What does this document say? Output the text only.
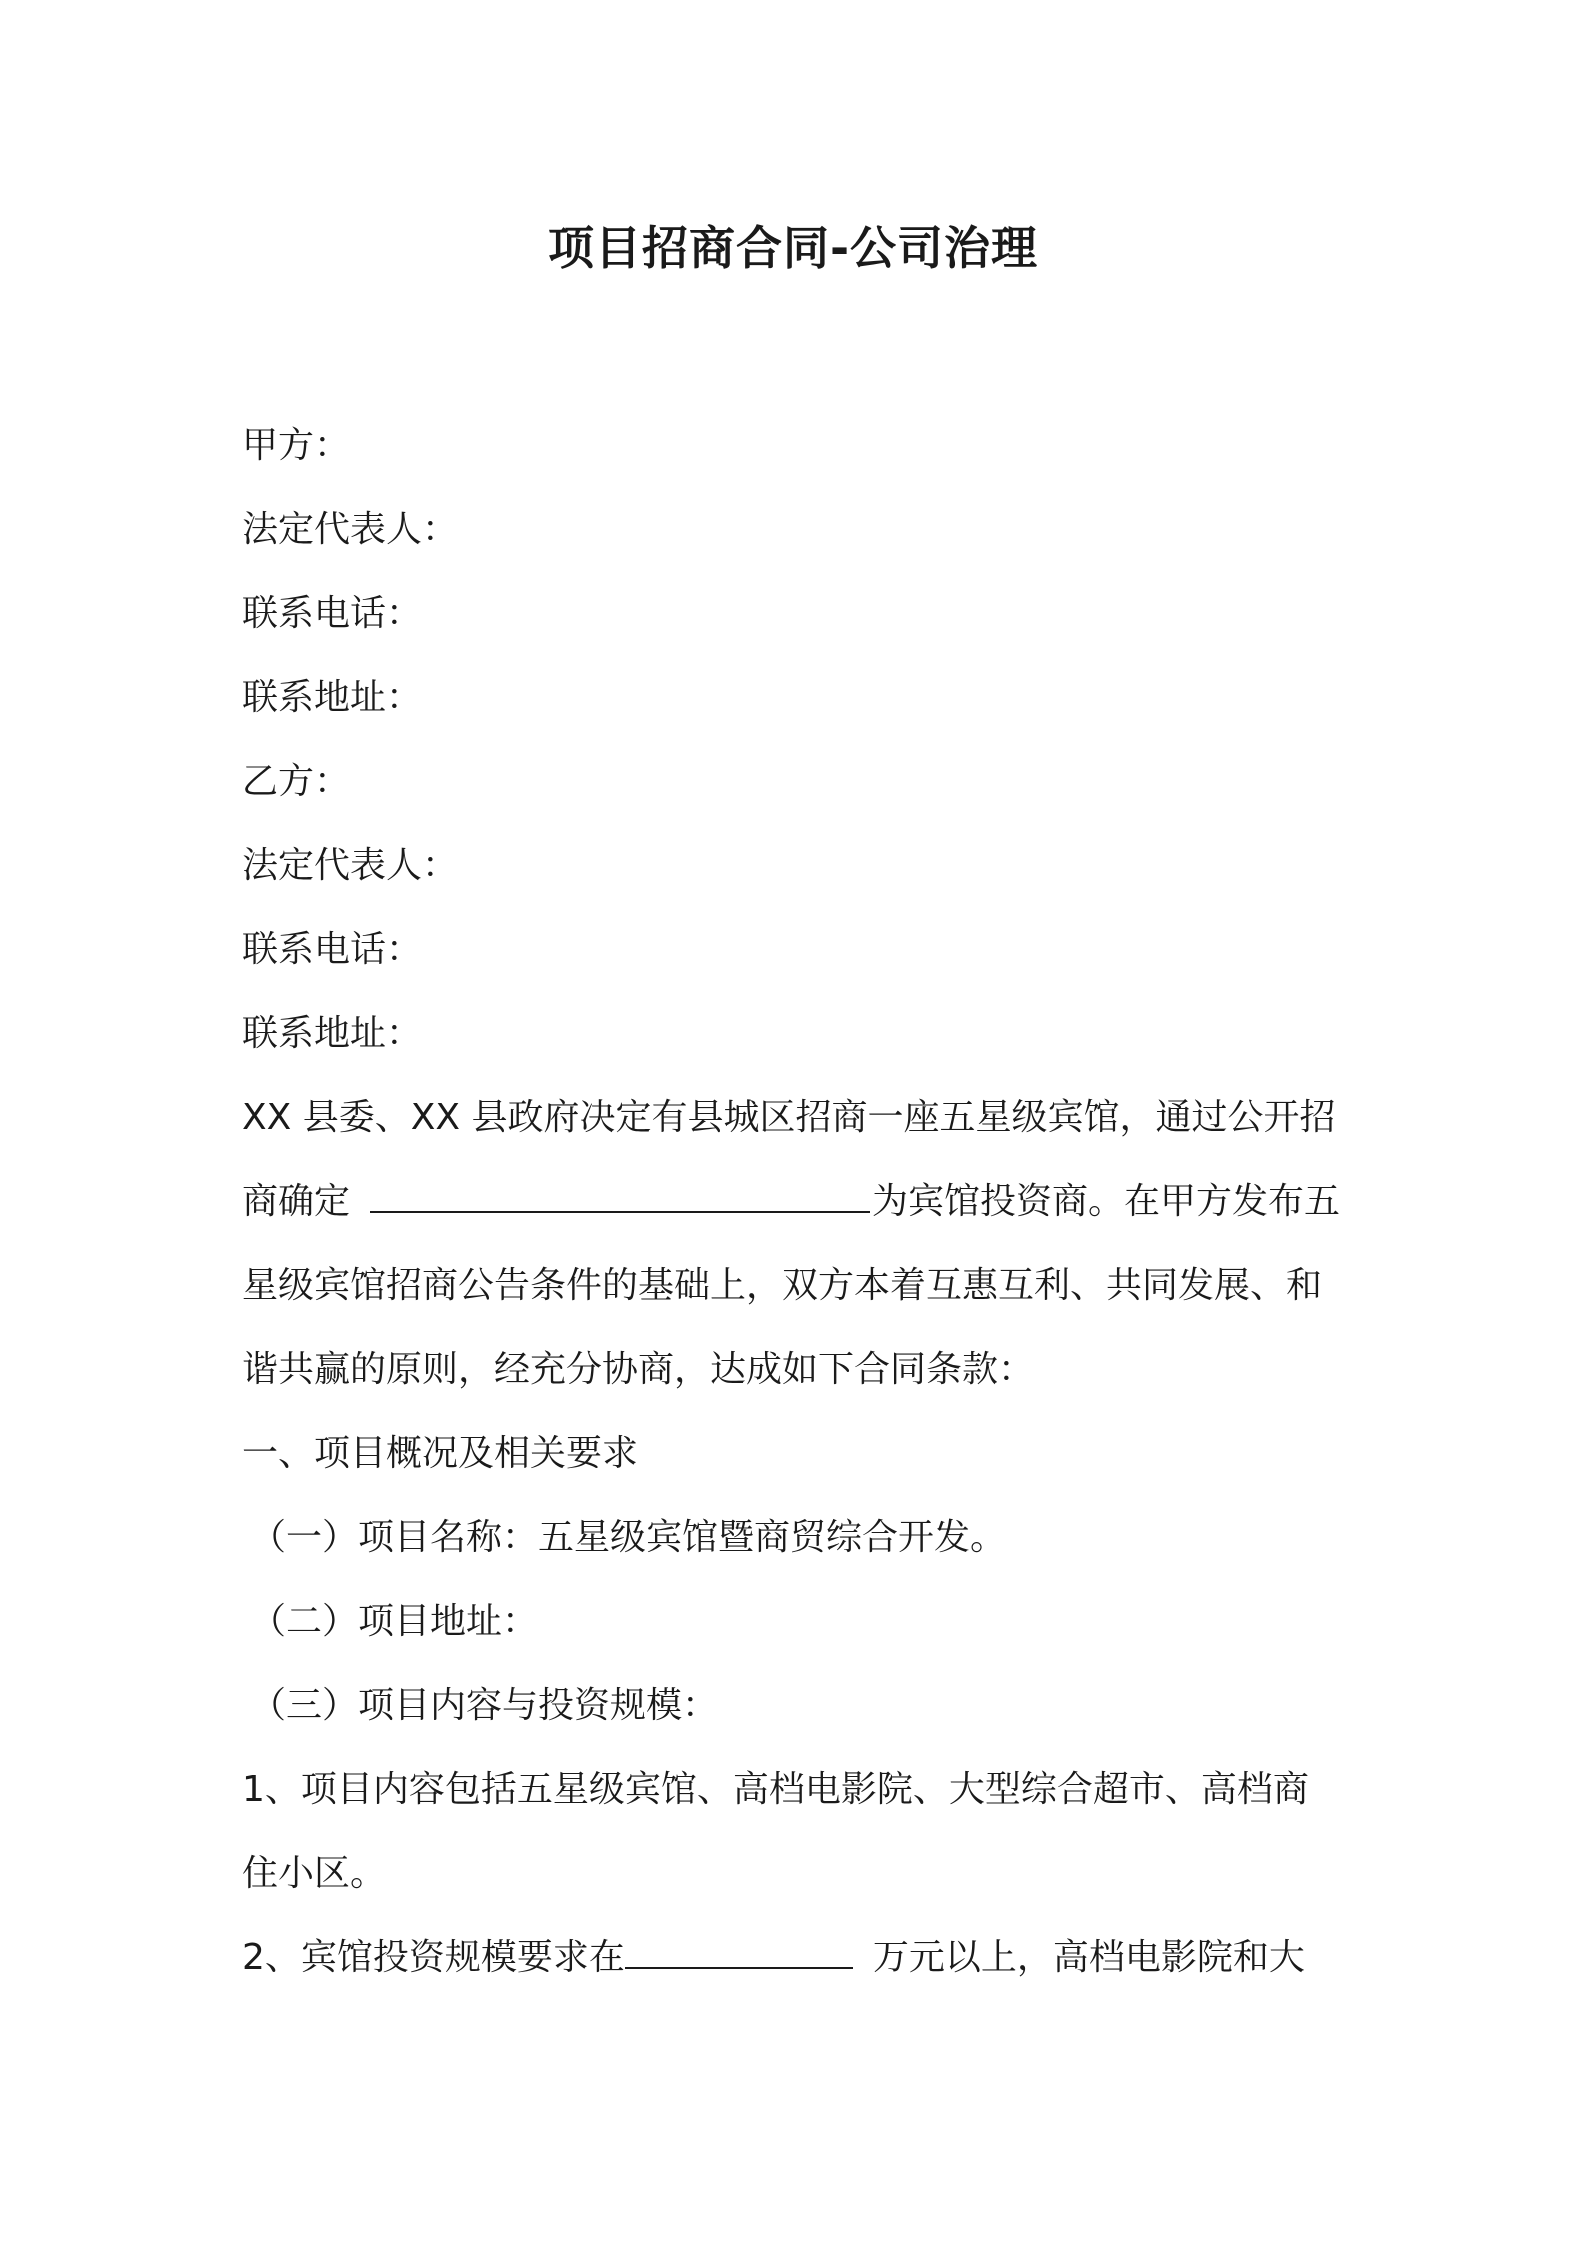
项目招商合同-公司治理
甲方：
法定代表人：
联系电话：
联系地址：
乙方：
法定代表人：
联系电话：
联系地址：
XX 县委、XX 县政府决定有县城区招商一座五星级宾馆，通过公开招
商确定	为宾馆投资商。在甲方发布五
星级宾馆招商公告条件的基础上，双方本着互惠互利、共同发展、和
谐共赢的原则，经充分协商，达成如下合同条款：
一、项目概况及相关要求
（一）项目名称：五星级宾馆暨商贸综合开发。
（二）项目地址：
（三）项目内容与投资规模：
1、项目内容包括五星级宾馆、高档电影院、大型综合超市、高档商
住小区。
2、宾馆投资规模要求在	万元以上，高档电影院和大
